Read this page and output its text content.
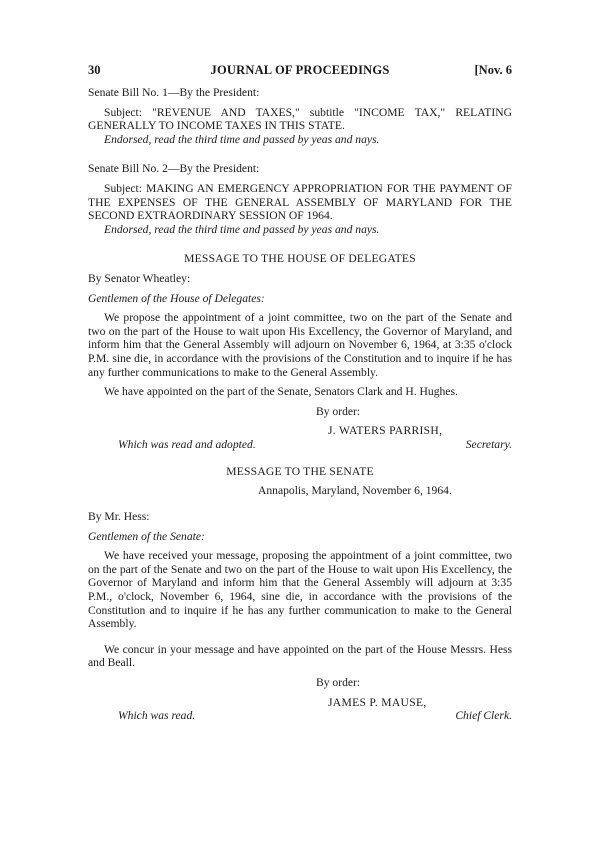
30	JOURNAL OF PROCEEDINGS	[Nov. 6

Senate Bill No. 1—By the President:

Subject: "REVENUE AND TAXES," subtitle "INCOME TAX," RELATING GENERALLY TO INCOME TAXES IN THIS STATE.

Endorsed, read the third time and passed by yeas and nays.

Senate Bill No. 2—By the President:

Subject: MAKING AN EMERGENCY APPROPRIATION FOR THE PAYMENT OF THE EXPENSES OF THE GENERAL ASSEMBLY OF MARYLAND FOR THE SECOND EXTRAORDINARY SESSION OF 1964.

Endorsed, read the third time and passed by yeas and nays.

MESSAGE TO THE HOUSE OF DELEGATES

By Senator Wheatley:

Gentlemen of the House of Delegates:

We propose the appointment of a joint committee, two on the part of the Senate and two on the part of the House to wait upon His Excellency, the Governor of Maryland, and inform him that the General Assembly will adjourn on November 6, 1964, at 3:35 o'clock P.M. sine die, in accordance with the provisions of the Constitution and to inquire if he has any further communications to make to the General Assembly.

We have appointed on the part of the Senate, Senators Clark and H. Hughes.

By order:

J. WATERS PARRISH,

Which was read and adopted.	Secretary.

MESSAGE TO THE SENATE

Annapolis, Maryland, November 6, 1964.

By Mr. Hess:

Gentlemen of the Senate:

We have received your message, proposing the appointment of a joint committee, two on the part of the Senate and two on the part of the House to wait upon His Excellency, the Governor of Maryland and inform him that the General Assembly will adjourn at 3:35 P.M., o'clock, November 6, 1964, sine die, in accordance with the provisions of the Constitution and to inquire if he has any further communication to make to the General Assembly.

We concur in your message and have appointed on the part of the House Messrs. Hess and Beall.

By order:

JAMES P. MAUSE,

Which was read.	Chief Clerk.
